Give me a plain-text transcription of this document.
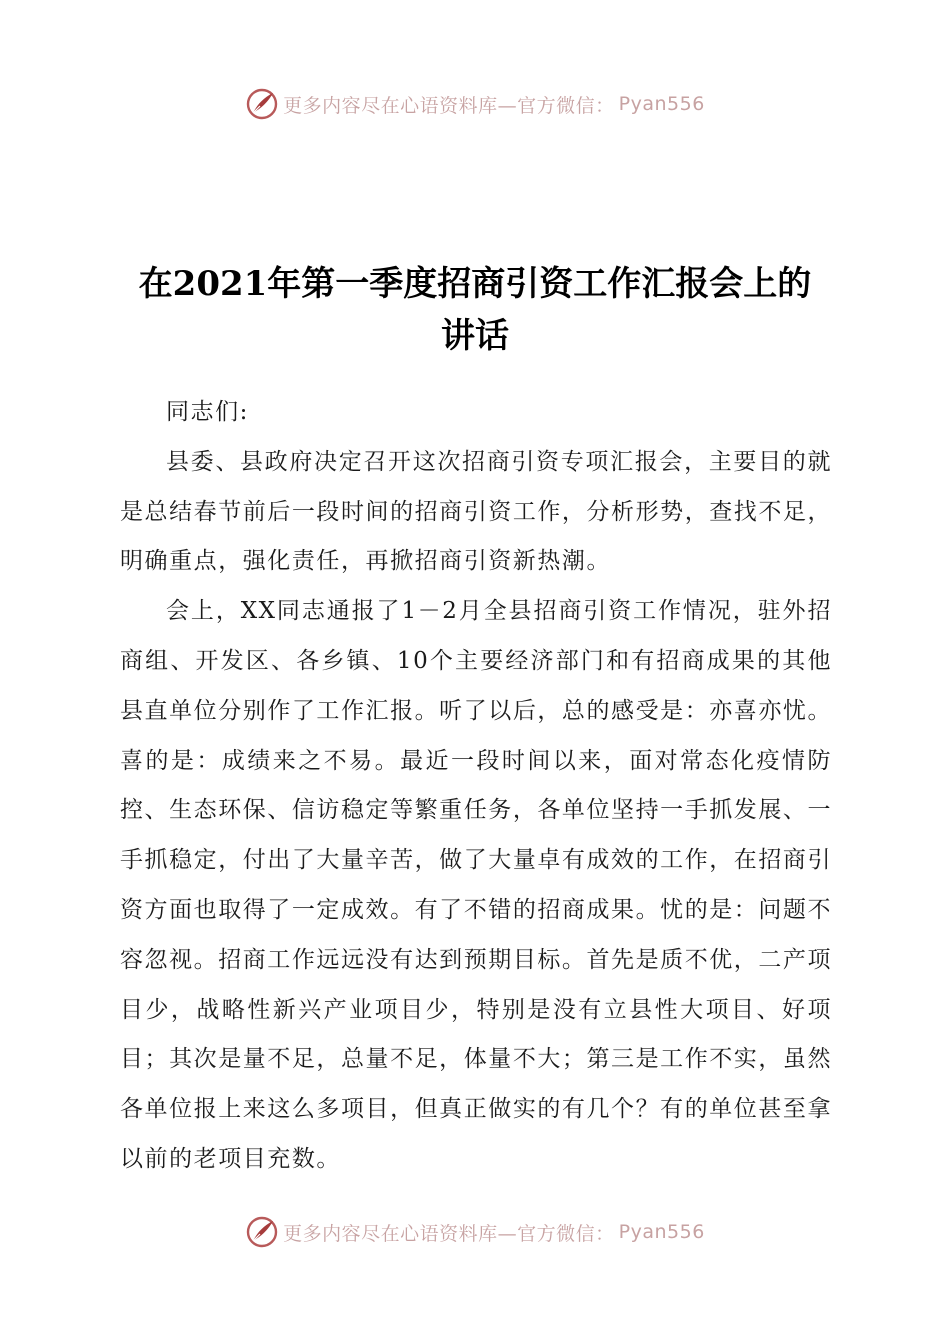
更多内容尽在心语资料库—官方微信： Pyan556
在2021年第一季度招商引资工作汇报会上的
讲话

同志们:

县委、县政府决定召开这次招商引资专项汇报会，主要目的就是总结春节前后一段时间的招商引资工作，分析形势，查找不足，明确重点，强化责任，再掀招商引资新热潮。

会上，XX同志通报了1－2月全县招商引资工作情况，驻外招商组、开发区、各乡镇、10个主要经济部门和有招商成果的其他县直单位分别作了工作汇报。听了以后，总的感受是：亦喜亦忧。喜的是：成绩来之不易。最近一段时间以来，面对常态化疫情防控、生态环保、信访稳定等繁重任务，各单位坚持一手抓发展、一手抓稳定，付出了大量辛苦，做了大量卓有成效的工作，在招商引资方面也取得了一定成效。有了不错的招商成果。忧的是：问题不容忽视。招商工作远远没有达到预期目标。首先是质不优，二产项目少，战略性新兴产业项目少，特别是没有立县性大项目、好项目；其次是量不足，总量不足，体量不大；第三是工作不实，虽然各单位报上来这么多项目，但真正做实的有几个？有的单位甚至拿以前的老项目充数。

更多内容尽在心语资料库—官方微信： Pyan556
